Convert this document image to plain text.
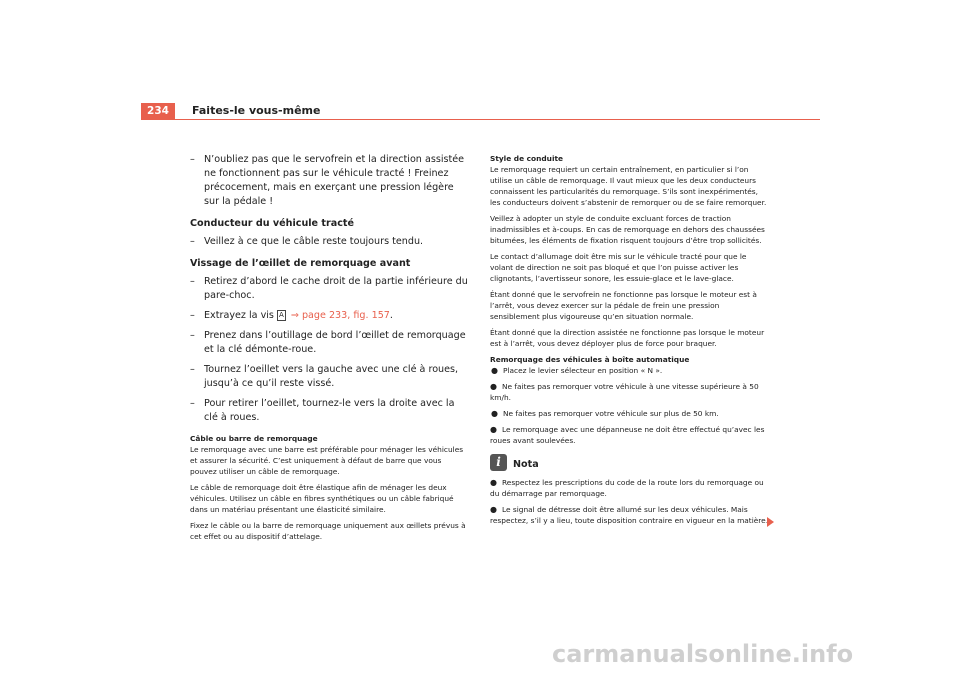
234	Faites-le vous-même
– N’oubliez pas que le servofrein et la direction assistée ne fonctionnent pas sur le véhicule tracté ! Freinez précocement, mais en exerçant une pression légère sur la pédale !
Conducteur du véhicule tracté
– Veillez à ce que le câble reste toujours tendu.
Vissage de l’œillet de remorquage avant
– Retirez d’abord le cache droit de la partie inférieure du pare-choc.
– Extrayez la vis A ⇒ page 233, fig. 157.
– Prenez dans l’outillage de bord l’œillet de remorquage et la clé démonte-roue.
– Tournez l’oeillet vers la gauche avec une clé à roues, jusqu’à ce qu’il reste vissé.
– Pour retirer l’oeillet, tournez-le vers la droite avec la clé à roues.
Câble ou barre de remorquage

Le remorquage avec une barre est préférable pour ménager les véhicules et assurer la sécurité. C’est uniquement à défaut de barre que vous pouvez utiliser un câble de remorquage.

Le câble de remorquage doit être élastique afin de ménager les deux véhicules. Utilisez un câble en fibres synthétiques ou un câble fabriqué dans un matériau présentant une élasticité similaire.

Fixez le câble ou la barre de remorquage uniquement aux œillets prévus à cet effet ou au dispositif d’attelage.

Style de conduite

Le remorquage requiert un certain entraînement, en particulier si l’on utilise un câble de remorquage. Il vaut mieux que les deux conducteurs connaissent les particularités du remorquage. S’ils sont inexpérimentés, les conducteurs doivent s’abstenir de remorquer ou de se faire remorquer.

Veillez à adopter un style de conduite excluant forces de traction inadmissibles et à-coups. En cas de remorquage en dehors des chaussées bitumées, les éléments de fixation risquent toujours d’être trop sollicités.

Le contact d’allumage doit être mis sur le véhicule tracté pour que le volant de direction ne soit pas bloqué et que l’on puisse activer les clignotants, l’avertisseur sonore, les essuie-glace et le lave-glace.

Étant donné que le servofrein ne fonctionne pas lorsque le moteur est à l’arrêt, vous devez exercer sur la pédale de frein une pression sensiblement plus vigoureuse qu’en situation normale.

Étant donné que la direction assistée ne fonctionne pas lorsque le moteur est à l’arrêt, vous devez déployer plus de force pour braquer.

Remorquage des véhicules à boîte automatique
● Placez le levier sélecteur en position « N ».
● Ne faites pas remorquer votre véhicule à une vitesse supérieure à 50 km/h.
● Ne faites pas remorquer votre véhicule sur plus de 50 km.
● Le remorquage avec une dépanneuse ne doit être effectué qu’avec les roues avant soulevées.
i	Nota
● Respectez les prescriptions du code de la route lors du remorquage ou du démarrage par remorquage.
● Le signal de détresse doit être allumé sur les deux véhicules. Mais respectez, s’il y a lieu, toute disposition contraire en vigueur en la matière.
carmanualsonline.info
